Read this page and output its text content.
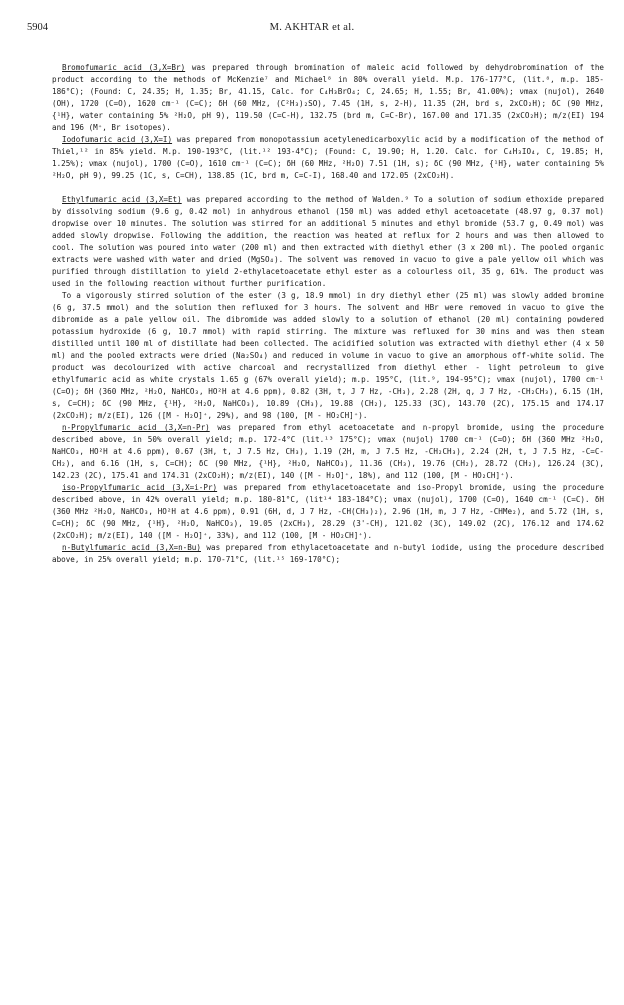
5904	M. AKHTAR et al.

Bromofumaric acid (3,X=Br) was prepared through bromination of maleic acid followed by dehydrobromination of the product according to the methods of McKenzie⁷ and Michael⁸ in 80% overall yield. M.p. 176-177°C, (lit.⁸, m.p. 185-186°C); (Found: C, 24.35; H, 1.35; Br, 41.15, Calc. for C₄H₃BrO₄; C, 24.65; H, 1.55; Br, 41.00%); νmax (nujol), 2640 (OH), 1720 (C=O), 1620 cm⁻¹ (C=C); δH (60 MHz, (C²H₃)₂SO), 7.45 (1H, s, 2-H), 11.35 (2H, brd s, 2xCO₂H); δC (90 MHz, {¹H}, water containing 5% ²H₂O, pH 9), 119.50 (C=C-H), 132.75 (brd m, C=C-Br), 167.00 and 171.35 (2xCO₂H); m/z(EI) 194 and 196 (M⁺, Br isotopes).

Iodofumaric acid (3,X=I) was prepared from monopotassium acetylenedicarboxylic acid by a modification of the method of Thiel,¹² in 85% yield. M.p. 190-193°C, (lit.¹² 193-4°C); (Found: C, 19.90; H, 1.20. Calc. for C₄H₃IO₄, C, 19.85; H, 1.25%); νmax (nujol), 1700 (C=O), 1610 cm⁻¹ (C=C); δH (60 MHz, ²H₂O) 7.51 (1H, s); δC (90 MHz, {¹H}, water containing 5% ²H₂O, pH 9), 99.25 (1C, s, C=CH), 138.85 (1C, brd m, C=C-I), 168.40 and 172.05 (2xCO₂H).

Ethylfumaric acid (3,X=Et) was prepared according to the method of Walden.⁹ To a solution of sodium ethoxide prepared by dissolving sodium (9.6 g, 0.42 mol) in anhydrous ethanol (150 ml) was added ethyl acetoacetate (48.97 g, 0.37 mol) dropwise over 10 minutes. The solution was stirred for an additional 5 minutes and ethyl bromide (53.7 g, 0.49 mol) was added slowly dropwise. Following the addition, the reaction was heated at reflux for 2 hours and was then allowed to cool. The solution was poured into water (200 ml) and then extracted with diethyl ether (3 x 200 ml). The pooled organic extracts were washed with water and dried (MgSO₄). The solvent was removed in vacuo to give a pale yellow oil which was purified through distillation to yield 2-ethylacetoacetate ethyl ester as a colourless oil, 35 g, 61%. The product was used in the following reaction without further purification.

To a vigorously stirred solution of the ester (3 g, 18.9 mmol) in dry diethyl ether (25 ml) was slowly added bromine (6 g, 37.5 mmol) and the solution then refluxed for 3 hours. The solvent and HBr were removed in vacuo to give the dibromide as a pale yellow oil. The dibromide was added slowly to a solution of ethanol (20 ml) containing powdered potassium hydroxide (6 g, 10.7 mmol) with rapid stirring. The mixture was refluxed for 30 mins and was then steam distilled until 100 ml of distillate had been collected. The acidified solution was extracted with diethyl ether (4 x 50 ml) and the pooled extracts were dried (Na₂SO₄) and reduced in volume in vacuo to give an amorphous off-white solid. The product was decolourized with active charcoal and recrystallized from diethyl ether - light petroleum to give ethylfumaric acid as white crystals 1.65 g (67% overall yield); m.p. 195°C, (lit.⁹, 194-95°C); νmax (nujol), 1700 cm⁻¹ (C=O); δH (360 MHz, ²H₂O, NaHCO₃, HO²H at 4.6 ppm), 0.82 (3H, t, J 7 Hz, -CH₃), 2.28 (2H, q, J 7 Hz, -CH₂CH₃), 6.15 (1H, s, C=CH); δC (90 MHz, {¹H}, ²H₂O, NaHCO₃), 10.89 (CH₃), 19.88 (CH₂), 125.33 (3C), 143.70 (2C), 175.15 and 174.17 (2xCO₂H); m/z(EI), 126 ([M - H₂O]⁺, 29%), and 98 (100, [M - HO₂CH]⁺).

n-Propylfumaric acid (3,X=n-Pr) was prepared from ethyl acetoacetate and n-propyl bromide, using the procedure described above, in 50% overall yield; m.p. 172-4°C (lit.¹³ 175°C); νmax (nujol) 1700 cm⁻¹ (C=O); δH (360 MHz ²H₂O, NaHCO₃, HO²H at 4.6 ppm), 0.67 (3H, t, J 7.5 Hz, CH₃), 1.19 (2H, m, J 7.5 Hz, -CH₂CH₃), 2.24 (2H, t, J 7.5 Hz, -C=C-CH₂), and 6.16 (1H, s, C=CH); δC (90 MHz, {¹H}, ²H₂O, NaHCO₃), 11.36 (CH₃), 19.76 (CH₂), 28.72 (CH₂), 126.24 (3C), 142.23 (2C), 175.41 and 174.31 (2xCO₂H); m/z(EI), 140 ([M - H₂O]⁺, 18%), and 112 (100, [M - HO₂CH]⁺).

iso-Propylfumaric acid (3,X=i-Pr) was prepared from ethylacetoacetate and iso-Propyl bromide, using the procedure described above, in 42% overall yield; m.p. 180-81°C, (lit¹⁴ 183-184°C); νmax (nujol), 1700 (C=O), 1640 cm⁻¹ (C=C). δH (360 MHz ²H₂O, NaHCO₃, HO²H at 4.6 ppm), 0.91 (6H, d, J 7 Hz, -CH(CH₃)₂), 2.96 (1H, m, J 7 Hz, -CHMe₂), and 5.72 (1H, s, C=CH); δC (90 MHz, {¹H}, ²H₂O, NaHCO₃), 19.05 (2xCH₃), 28.29 (3'-CH), 121.02 (3C), 149.02 (2C), 176.12 and 174.62 (2xCO₂H); m/z(EI), 140 ([M - H₂O]⁺, 33%), and 112 (100, [M - HO₂CH]⁺).

n-Butylfumaric acid (3,X=n-Bu) was prepared from ethylacetoacetate and n-butyl iodide, using the procedure described above, in 25% overall yield; m.p. 170-71°C, (lit.¹⁵ 169-170°C);
